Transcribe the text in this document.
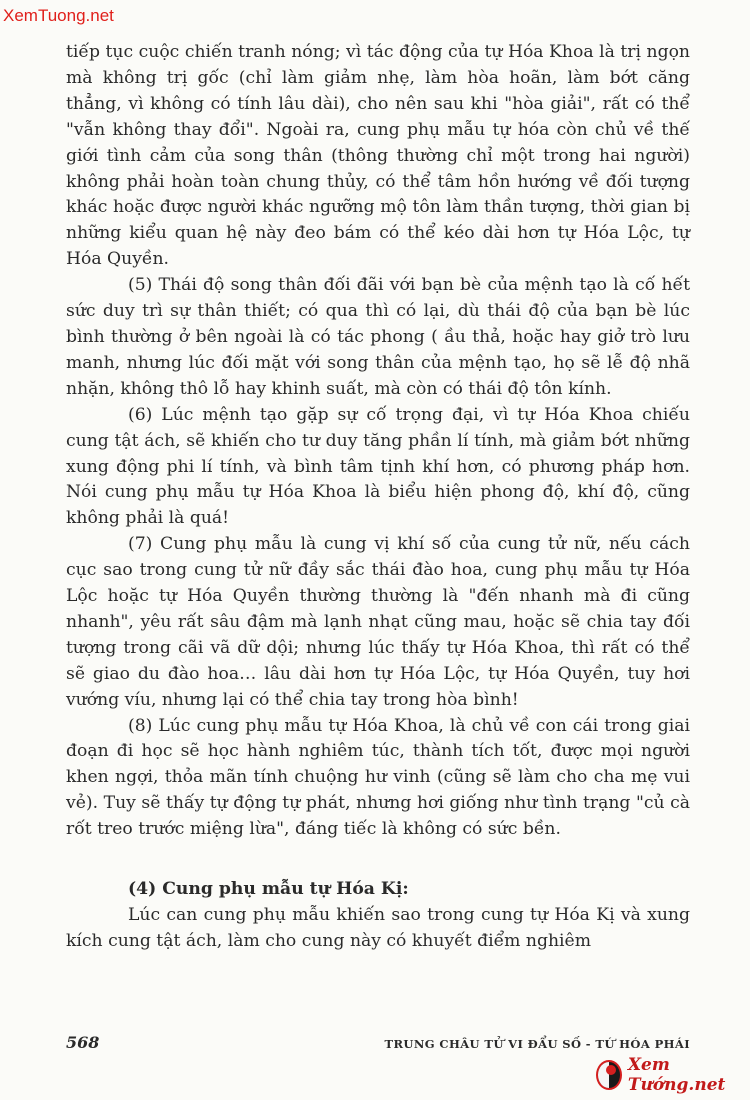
XemTuong.net

tiếp tục cuộc chiến tranh nóng; vì tác động của tự Hóa Khoa là trị ngọn mà không trị gốc (chỉ làm giảm nhẹ, làm hòa hoãn, làm bớt căng thẳng, vì không có tính lâu dài), cho nên sau khi "hòa giải", rất có thể "vẫn không thay đổi". Ngoài ra, cung phụ mẫu tự hóa còn chủ về thế giới tình cảm của song thân (thông thường chỉ một trong hai người) không phải hoàn toàn chung thủy, có thể tâm hồn hướng về đối tượng khác hoặc được người khác ngưỡng mộ tôn làm thần tượng, thời gian bị những kiểu quan hệ này đeo bám có thể kéo dài hơn tự Hóa Lộc, tự Hóa Quyền.

(5) Thái độ song thân đối đãi với bạn bè của mệnh tạo là cố hết sức duy trì sự thân thiết; có qua thì có lại, dù thái độ của bạn bè lúc bình thường ở bên ngoài là có tác phong ( ầu thả, hoặc hay giở trò lưu manh, nhưng lúc đối mặt với song thân của mệnh tạo, họ sẽ lễ độ nhã nhặn, không thô lỗ hay khinh suất, mà còn có thái độ tôn kính.

(6) Lúc mệnh tạo gặp sự cố trọng đại, vì tự Hóa Khoa chiếu cung tật ách, sẽ khiến cho tư duy tăng phần lí tính, mà giảm bớt những xung động phi lí tính, và bình tâm tịnh khí hơn, có phương pháp hơn. Nói cung phụ mẫu tự Hóa Khoa là biểu hiện phong độ, khí độ, cũng không phải là quá!

(7) Cung phụ mẫu là cung vị khí số của cung tử nữ, nếu cách cục sao trong cung tử nữ đầy sắc thái đào hoa, cung phụ mẫu tự Hóa Lộc hoặc tự Hóa Quyền thường thường là "đến nhanh mà đi cũng nhanh", yêu rất sâu đậm mà lạnh nhạt cũng mau, hoặc sẽ chia tay đối tượng trong cãi vã dữ dội; nhưng lúc thấy tự Hóa Khoa, thì rất có thể sẽ giao du đào hoa… lâu dài hơn tự Hóa Lộc, tự Hóa Quyền, tuy hơi vướng víu, nhưng lại có thể chia tay trong hòa bình!

(8) Lúc cung phụ mẫu tự Hóa Khoa, là chủ về con cái trong giai đoạn đi học sẽ học hành nghiêm túc, thành tích tốt, được mọi người khen ngợi, thỏa mãn tính chuộng hư vinh (cũng sẽ làm cho cha mẹ vui vẻ). Tuy sẽ thấy tự động tự phát, nhưng hơi giống như tình trạng "củ cà rốt treo trước miệng lừa", đáng tiếc là không có sức bền.

(4) Cung phụ mẫu tự Hóa Kị:

Lúc can cung phụ mẫu khiến sao trong cung tự Hóa Kị và xung kích cung tật ách, làm cho cung này có khuyết điểm nghiêm

568	TRUNG CHÂU TỬ VI ĐẨU SỐ - TỨ HÓA PHÁI
Xem Tướng.net
